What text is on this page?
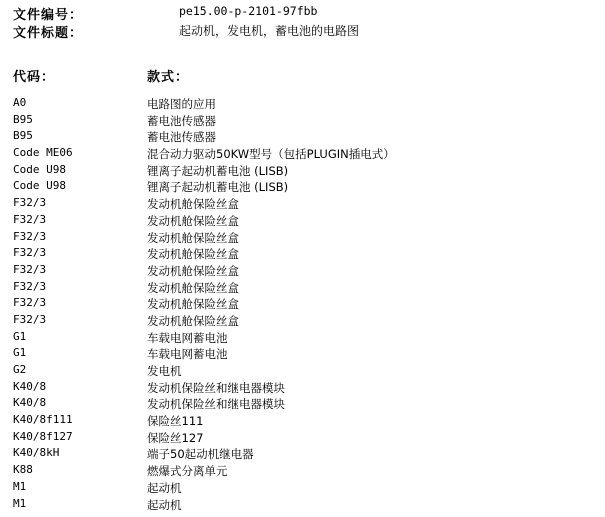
文件编号：	pe15.00-p-2101-97fbb
文件标题：	起动机，发电机，蓄电池的电路图
代码：	款式：
A0	电路图的应用
B95	蓄电池传感器
B95	蓄电池传感器
Code ME06	混合动力驱动50KW型号（包括PLUGIN插电式）
Code U98	锂离子起动机蓄电池 (LISB)
Code U98	锂离子起动机蓄电池 (LISB)
F32/3	发动机舱保险丝盒
F32/3	发动机舱保险丝盒
F32/3	发动机舱保险丝盒
F32/3	发动机舱保险丝盒
F32/3	发动机舱保险丝盒
F32/3	发动机舱保险丝盒
F32/3	发动机舱保险丝盒
F32/3	发动机舱保险丝盒
G1	车载电网蓄电池
G1	车载电网蓄电池
G2	发电机
K40/8	发动机保险丝和继电器模块
K40/8	发动机保险丝和继电器模块
K40/8f111	保险丝111
K40/8f127	保险丝127
K40/8kH	端子50起动机继电器
K88	燃爆式分离单元
M1	起动机
M1	起动机
